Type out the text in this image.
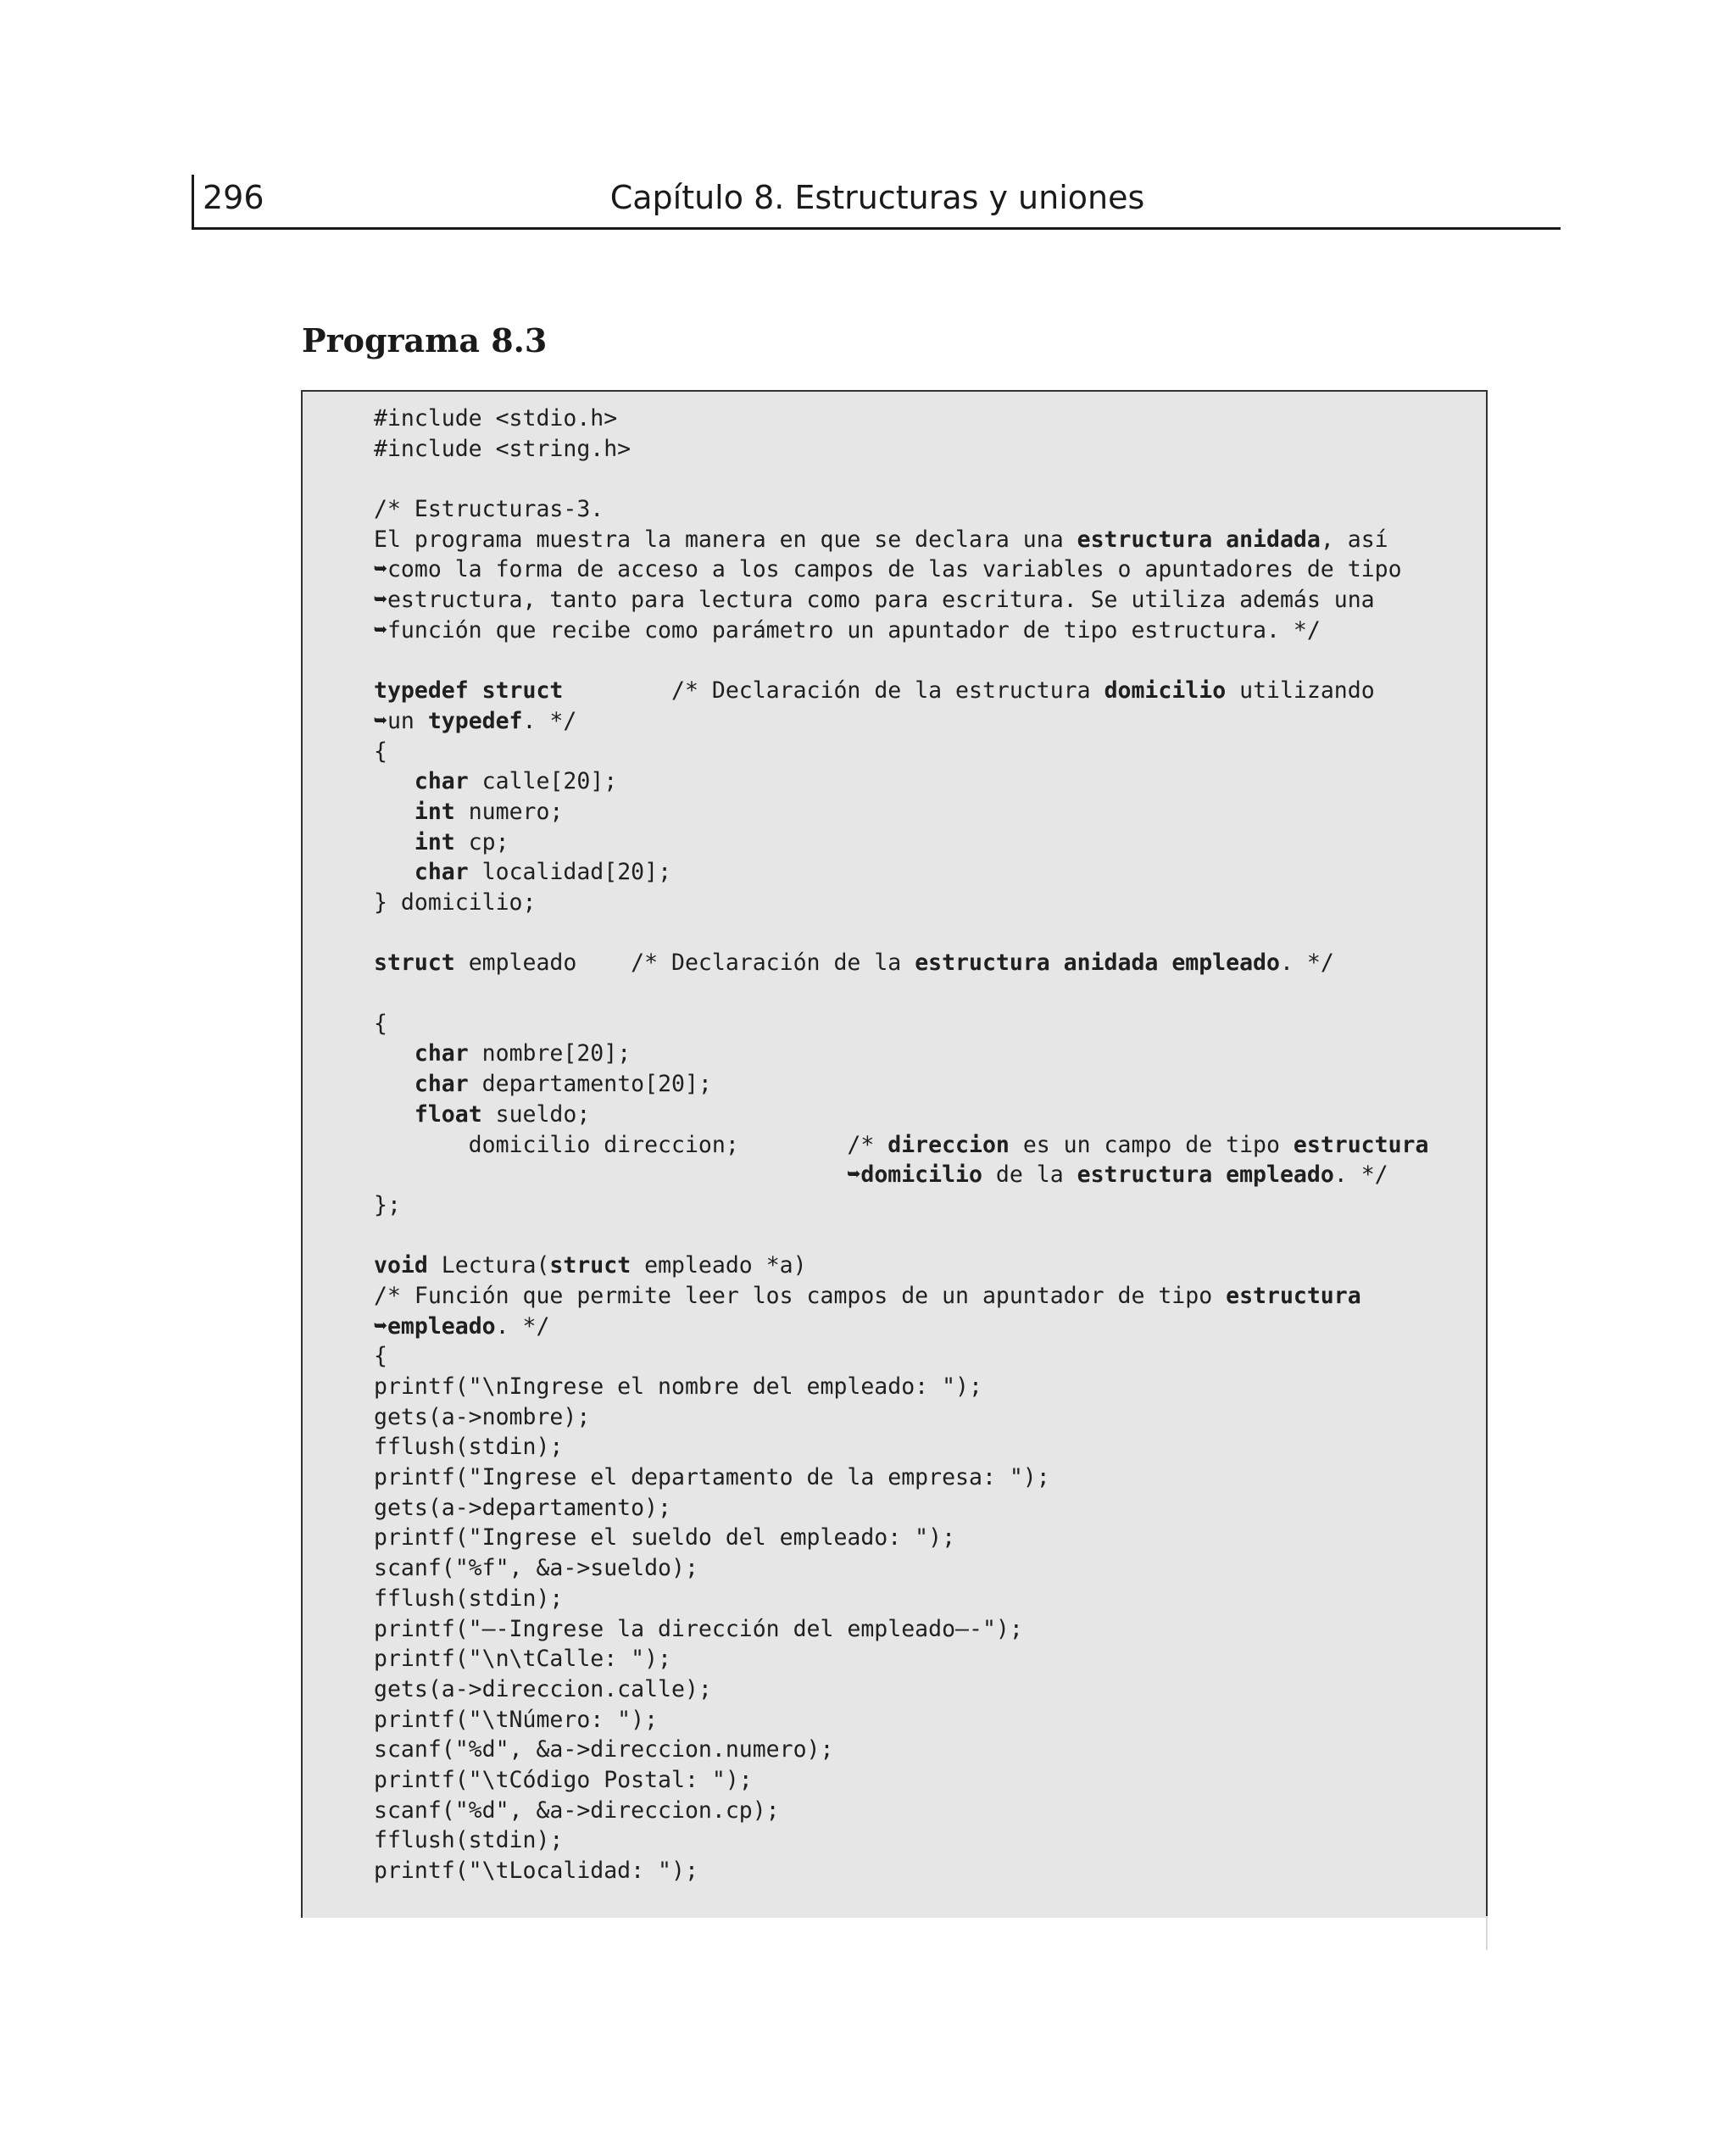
296	Capítulo 8. Estructuras y uniones
Programa 8.3
#include <stdio.h>
#include <string.h>
/* Estructuras-3.
El programa muestra la manera en que se declara una estructura anidada, así
➥como la forma de acceso a los campos de las variables o apuntadores de tipo
➥estructura, tanto para lectura como para escritura. Se utiliza además una
➥función que recibe como parámetro un apuntador de tipo estructura. */
typedef struct        /* Declaración de la estructura domicilio utilizando
➥un typedef. */
{
char calle[20];
int numero;
int cp;
char localidad[20];
} domicilio;
struct empleado    /* Declaración de la estructura anidada empleado. */
{
char nombre[20];
char departamento[20];
float sueldo;
domicilio direccion;        /* direccion es un campo de tipo estructura
➥domicilio de la estructura empleado. */
};
void Lectura(struct empleado *a)
/* Función que permite leer los campos de un apuntador de tipo estructura
➥empleado. */
{
printf("\nIngrese el nombre del empleado: ");
gets(a->nombre);
fflush(stdin);
printf("Ingrese el departamento de la empresa: ");
gets(a->departamento);
printf("Ingrese el sueldo del empleado: ");
scanf("%f", &a->sueldo);
fflush(stdin);
printf("—-Ingrese la dirección del empleado—-");
printf("\n\tCalle: ");
gets(a->direccion.calle);
printf("\tNúmero: ");
scanf("%d", &a->direccion.numero);
printf("\tCódigo Postal: ");
scanf("%d", &a->direccion.cp);
fflush(stdin);
printf("\tLocalidad: ");
